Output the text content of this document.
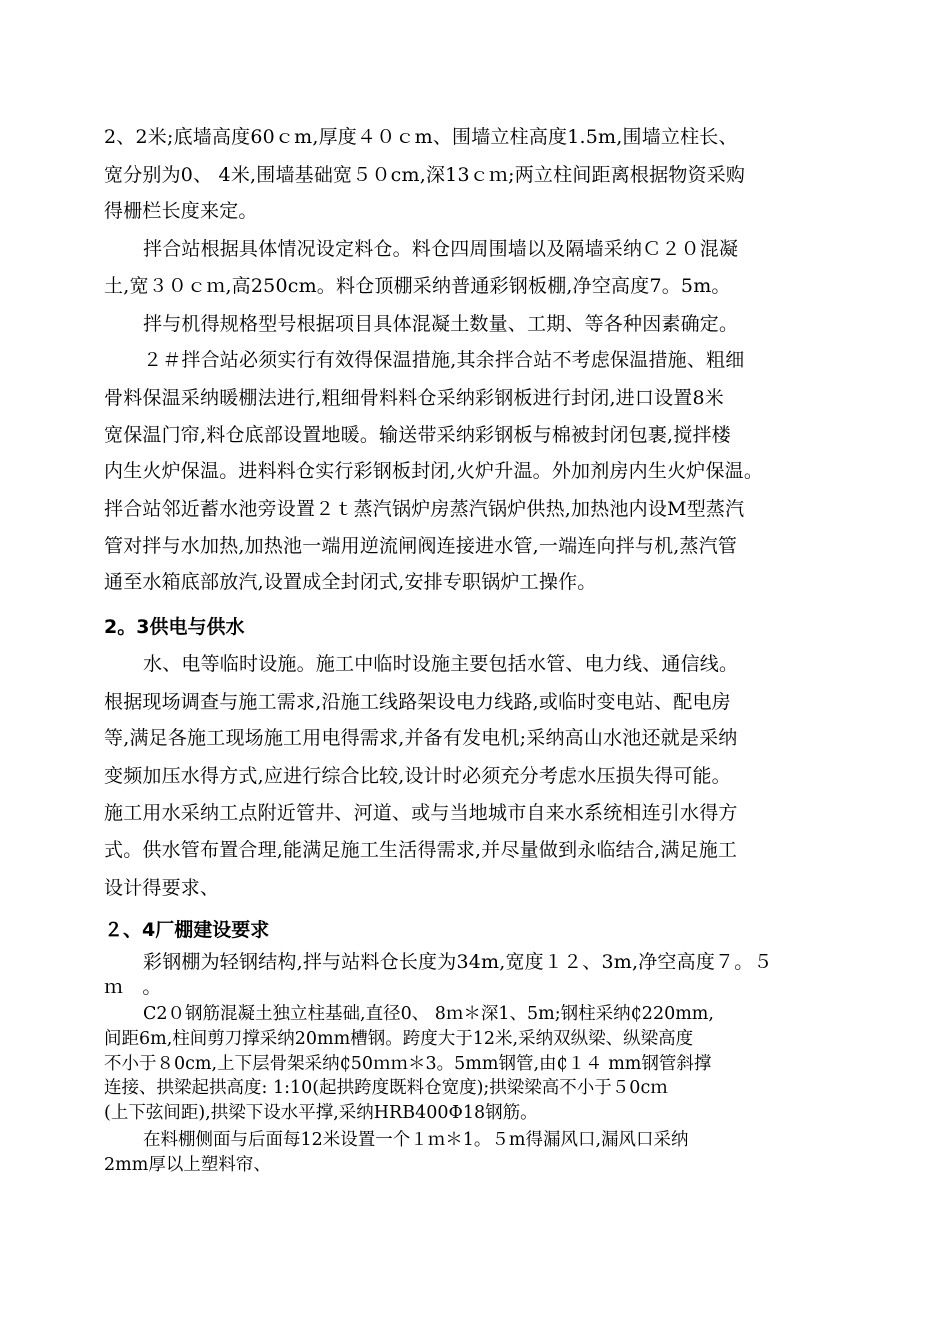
2、2米;底墙高度60ｃm,厚度４０ｃm、围墙立柱高度1.5m,围墙立柱长、

宽分别为0、 4米,围墙基础宽５０cm,深13ｃｍ;两立柱间距离根据物资采购

得栅栏长度来定。

拌合站根据具体情况设定料仓。料仓四周围墙以及隔墙采纳Ｃ２０混凝

土,宽３０ｃｍ,高250cm。料仓顶棚采纳普通彩钢板棚,净空高度7。5m。

拌与机得规格型号根据项目具体混凝土数量、工期、等各种因素确定。

２＃拌合站必须实行有效得保温措施,其余拌合站不考虑保温措施、粗细

骨料保温采纳暖棚法进行,粗细骨料料仓采纳彩钢板进行封闭,进口设置8米

宽保温门帘,料仓底部设置地暖。输送带采纳彩钢板与棉被封闭包裹,搅拌楼

内生火炉保温。进料料仓实行彩钢板封闭,火炉升温。外加剂房内生火炉保温。

拌合站邻近蓄水池旁设置２ｔ蒸汽锅炉房蒸汽锅炉供热,加热池内设M型蒸汽

管对拌与水加热,加热池一端用逆流闸阀连接进水管,一端连向拌与机,蒸汽管

通至水箱底部放汽,设置成全封闭式,安排专职锅炉工操作。

2。3供电与供水

水、电等临时设施。施工中临时设施主要包括水管、电力线、通信线。

根据现场调查与施工需求,沿施工线路架设电力线路,或临时变电站、配电房

等,满足各施工现场施工用电得需求,并备有发电机;采纳高山水池还就是采纳

变频加压水得方式,应进行综合比较,设计时必须充分考虑水压损失得可能。

施工用水采纳工点附近管井、河道、或与当地城市自来水系统相连引水得方

式。供水管布置合理,能满足施工生活得需求,并尽量做到永临结合,满足施工

设计得要求、

２、4厂棚建设要求

彩钢棚为轻钢结构,拌与站料仓长度为34m,宽度１２、3m,净空高度７。５

ｍ　。

C2０钢筋混凝土独立柱基础,直径0、 8ｍ＊深1、5m;钢柱采纳₵220mm,

间距6m,柱间剪刀撑采纳20mm槽钢。跨度大于12米,采纳双纵梁、纵梁高度

不小于８0cm,上下层骨架采纳₵50ｍｍ＊3。5mm钢管,由₵１４ mm钢管斜撑

连接、拱梁起拱高度: 1:10(起拱跨度既料仓宽度);拱梁梁高不小于５0cｍ

(上下弦间距),拱梁下设水平撑,采纳HRB400Φ18钢筋。

在料棚侧面与后面每12米设置一个１ｍ＊1。５m得漏风口,漏风口采纳

2mm厚以上塑料帘、
